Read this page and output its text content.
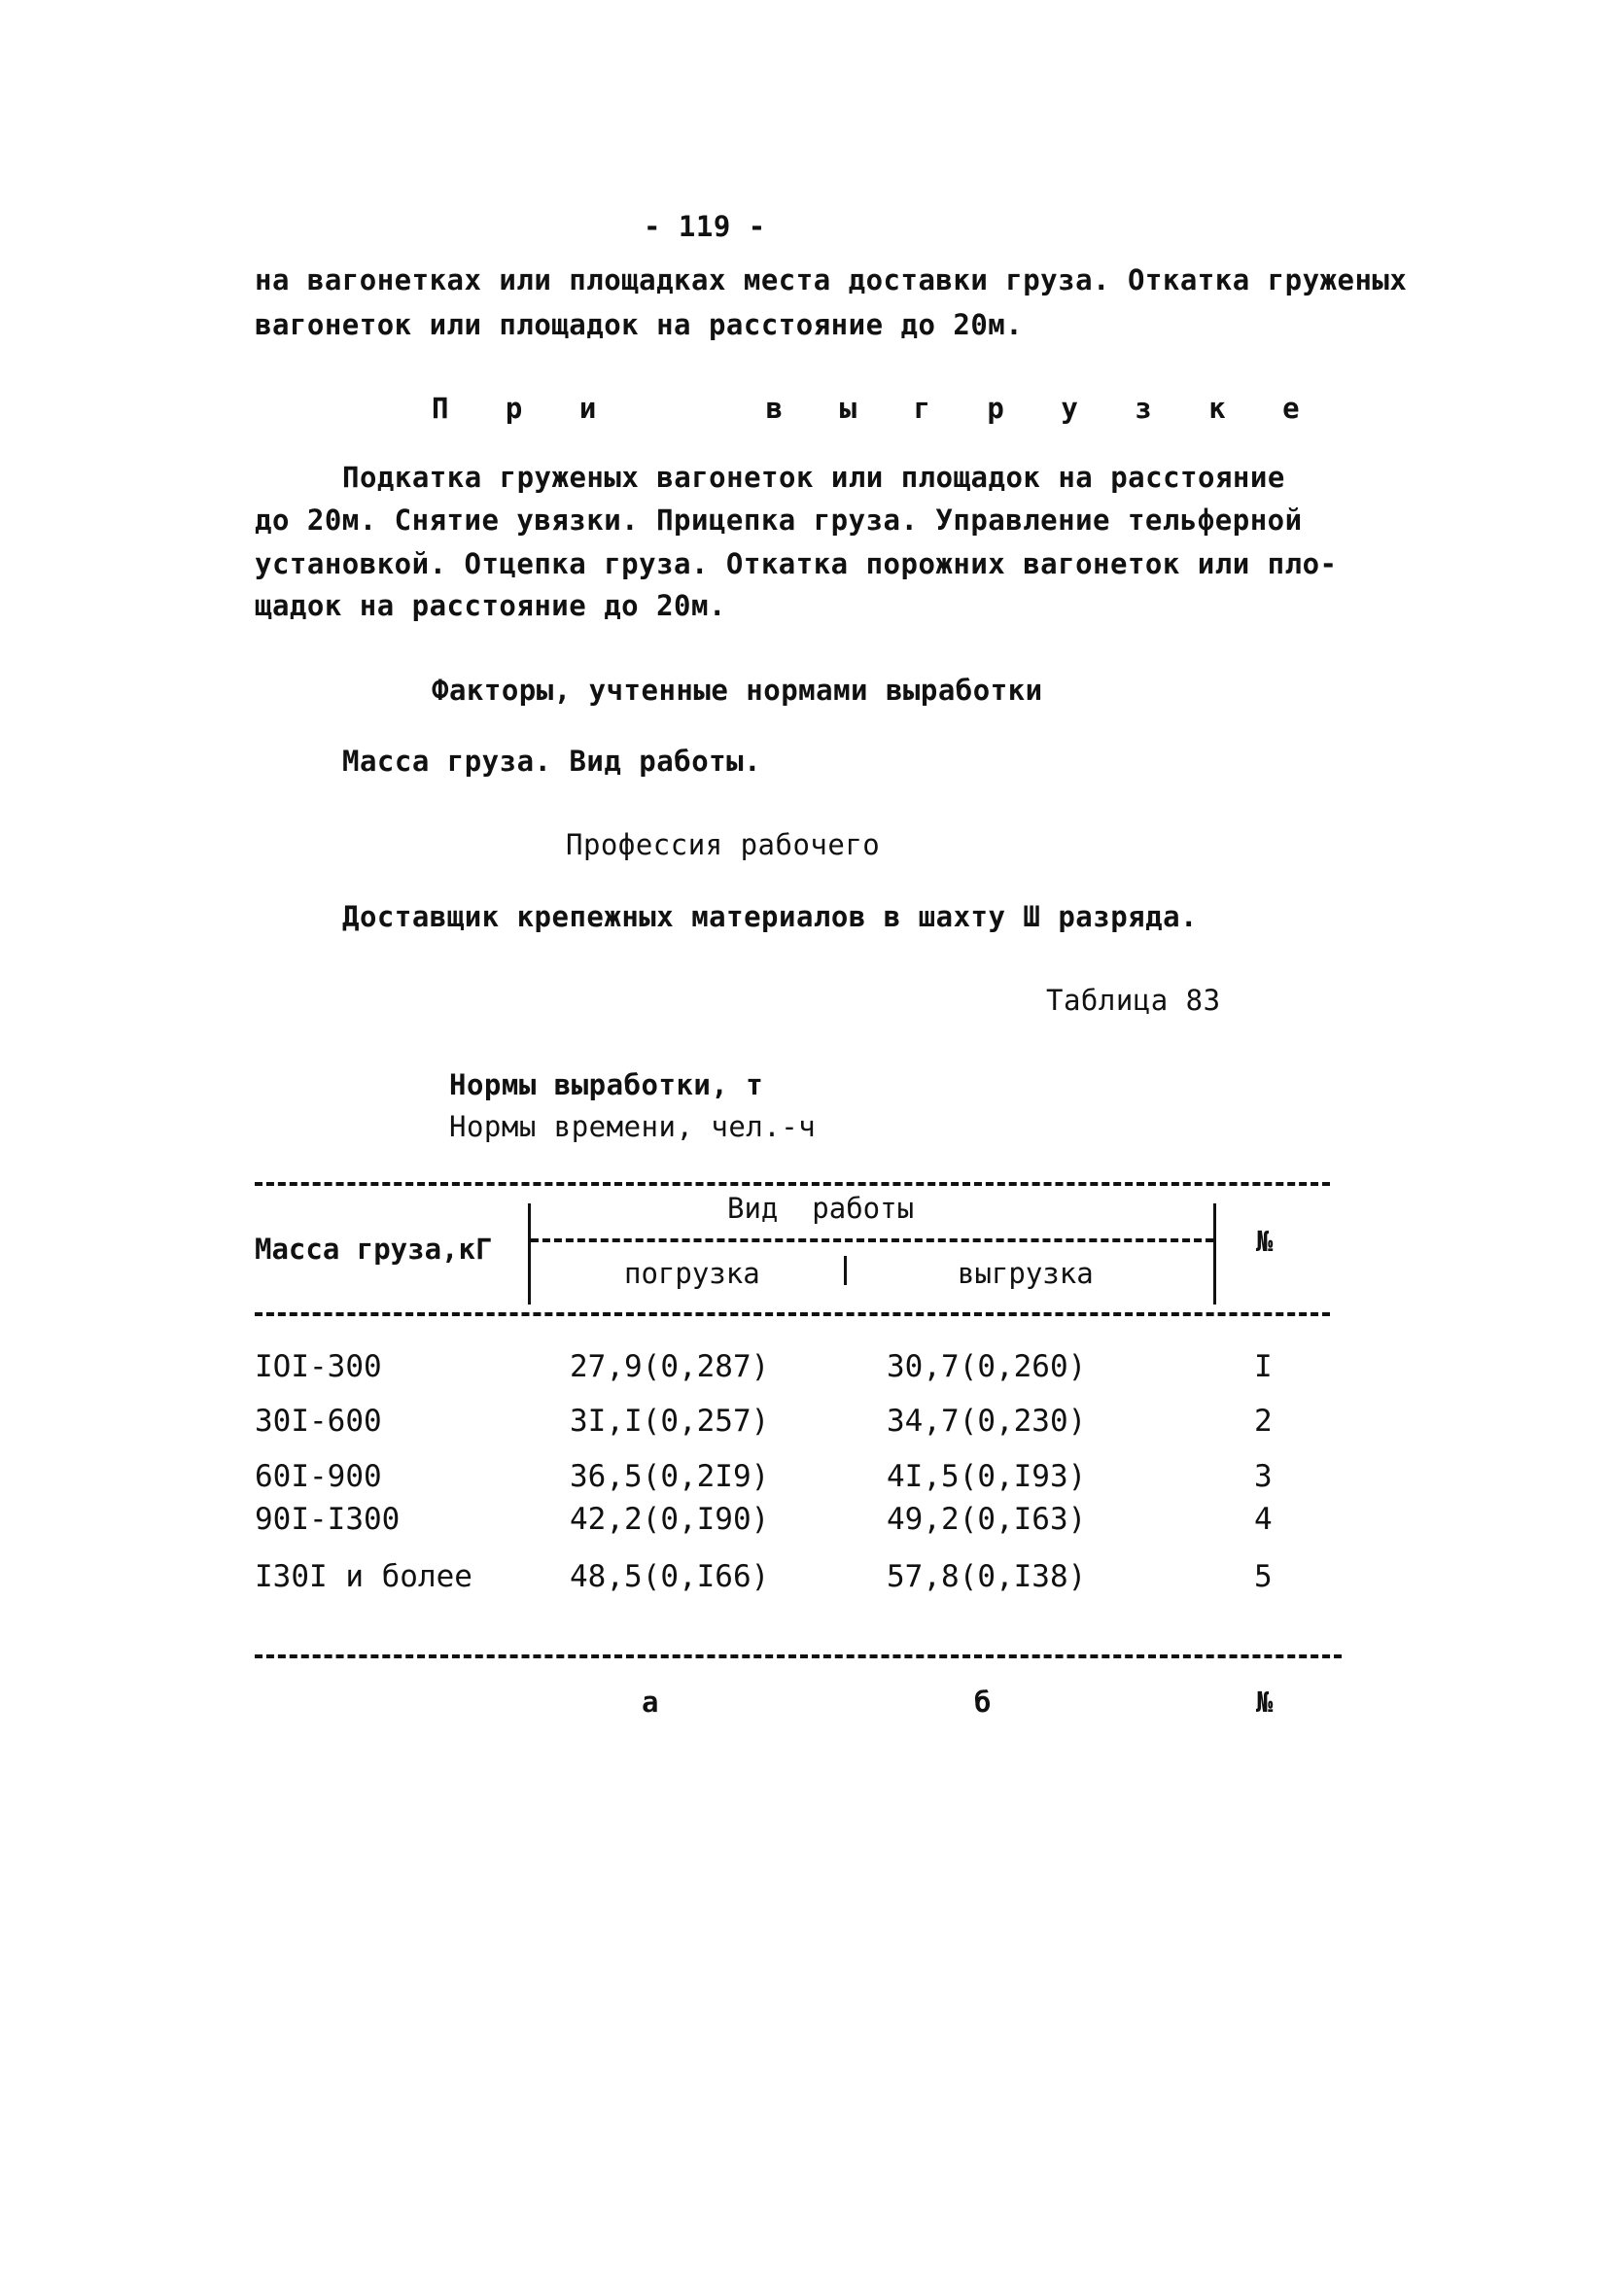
- 119 -
на вагонетках или площадках места доставки груза. Откатка груженых
вагонеток или площадок на расстояние до 20м.
П р и   в ы г р у з к е
Подкатка груженых вагонеток или площадок на расстояние
до 20м. Снятие увязки. Прицепка груза. Управление тельферной
установкой. Отцепка груза. Откатка порожних вагонеток или пло-
щадок на расстояние до 20м.
Факторы, учтенные нормами выработки
Масса груза. Вид работы.
Профессия рабочего
Доставщик крепежных материалов в шахту Ш разряда.
Таблица 83
Нормы выработки, т
Нормы времени, чел.-ч
Масса груза,кГ
Вид  работы
погрузка	выгрузка
№
IOI-300	27,9(0,287)	30,7(0,260)	I
30I-600	3I,I(0,257)	34,7(0,230)	2
60I-900	36,5(0,2I9)	4I,5(0,I93)	3
90I-I300	42,2(0,I90)	49,2(0,I63)	4
I30I и более	48,5(0,I66)	57,8(0,I38)	5
а	б	№
